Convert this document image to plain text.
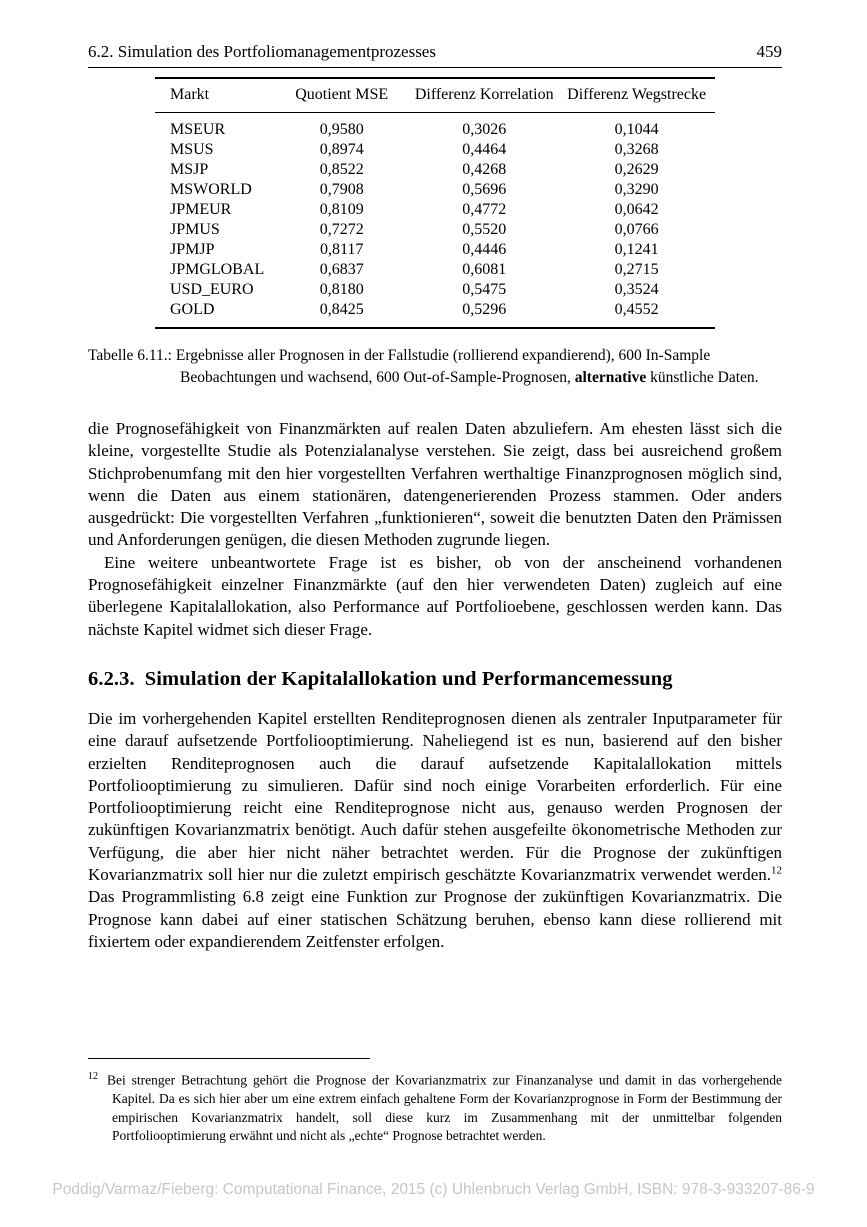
6.2. Simulation des Portfoliomanagementprozesses	459
Markt	Quotient MSE	Differenz Korrelation	Differenz Wegstrecke
MSEUR	0,9580	0,3026	0,1044
MSUS	0,8974	0,4464	0,3268
MSJP	0,8522	0,4268	0,2629
MSWORLD	0,7908	0,5696	0,3290
JPMEUR	0,8109	0,4772	0,0642
JPMUS	0,7272	0,5520	0,0766
JPMJP	0,8117	0,4446	0,1241
JPMGLOBAL	0,6837	0,6081	0,2715
USD_EURO	0,8180	0,5475	0,3524
GOLD	0,8425	0,5296	0,4552
Tabelle 6.11.: Ergebnisse aller Prognosen in der Fallstudie (rollierend expandierend), 600 In-Sample Beobachtungen und wachsend, 600 Out-of-Sample-Prognosen, alternative künstliche Daten.

die Prognosefähigkeit von Finanzmärkten auf realen Daten abzuliefern. Am ehesten lässt sich die kleine, vorgestellte Studie als Potenzialanalyse verstehen. Sie zeigt, dass bei ausreichend großem Stichprobenumfang mit den hier vorgestellten Verfahren werthaltige Finanzprognosen möglich sind, wenn die Daten aus einem stationären, datengenerierenden Prozess stammen. Oder anders ausgedrückt: Die vorgestellten Verfahren „funktionieren“, soweit die benutzten Daten den Prämissen und Anforderungen genügen, die diesen Methoden zugrunde liegen.

Eine weitere unbeantwortete Frage ist es bisher, ob von der anscheinend vorhandenen Prognosefähigkeit einzelner Finanzmärkte (auf den hier verwendeten Daten) zugleich auf eine überlegene Kapitalallokation, also Performance auf Portfolioebene, geschlossen werden kann. Das nächste Kapitel widmet sich dieser Frage.

6.2.3. Simulation der Kapitalallokation und Performancemessung

Die im vorhergehenden Kapitel erstellten Renditeprognosen dienen als zentraler Inputparameter für eine darauf aufsetzende Portfoliooptimierung. Naheliegend ist es nun, basierend auf den bisher erzielten Renditeprognosen auch die darauf aufsetzende Kapitalallokation mittels Portfoliooptimierung zu simulieren. Dafür sind noch einige Vorarbeiten erforderlich. Für eine Portfoliooptimierung reicht eine Renditeprognose nicht aus, genauso werden Prognosen der zukünftigen Kovarianzmatrix benötigt. Auch dafür stehen ausgefeilte ökonometrische Methoden zur Verfügung, die aber hier nicht näher betrachtet werden. Für die Prognose der zukünftigen Kovarianzmatrix soll hier nur die zuletzt empirisch geschätzte Kovarianzmatrix verwendet werden.$^{12}$ Das Programmlisting 6.8 zeigt eine Funktion zur Prognose der zukünftigen Kovarianzmatrix. Die Prognose kann dabei auf einer statischen Schätzung beruhen, ebenso kann diese rollierend mit fixiertem oder expandierendem Zeitfenster erfolgen.

$^{12}$ Bei strenger Betrachtung gehört die Prognose der Kovarianzmatrix zur Finanzanalyse und damit in das vorhergehende Kapitel. Da es sich hier aber um eine extrem einfach gehaltene Form der Kovarianzprognose in Form der Bestimmung der empirischen Kovarianzmatrix handelt, soll diese kurz im Zusammenhang mit der unmittelbar folgenden Portfoliooptimierung erwähnt und nicht als „echte“ Prognose betrachtet werden.
Poddig/Varmaz/Fieberg: Computational Finance, 2015 (c) Uhlenbruch Verlag GmbH, ISBN: 978-3-933207-86-9
